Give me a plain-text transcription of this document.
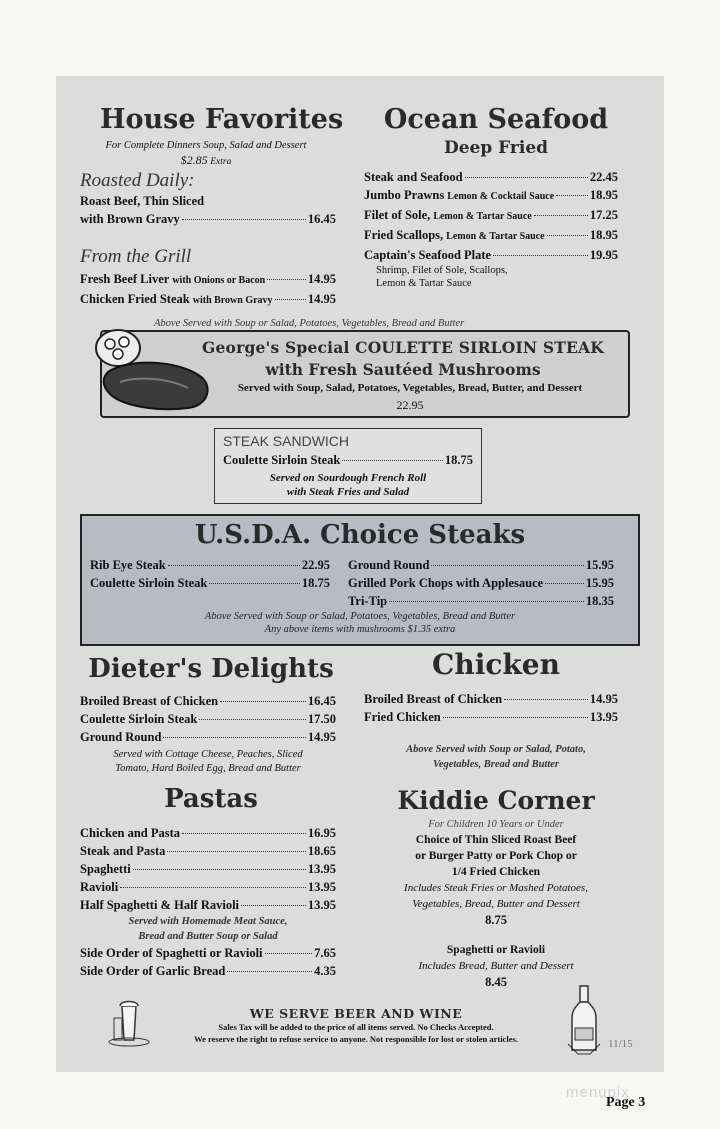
House Favorites
For Complete Dinners Soup, Salad and Dessert
$2.85 Extra
Roasted Daily:
Roast Beef, Thin Sliced
with Brown Gravy	16.45
From the Grill
Fresh Beef Liver with Onions or Bacon	14.95
Chicken Fried Steak with Brown Gravy	14.95
Ocean Seafood
Deep Fried
Steak and Seafood	22.45
Jumbo Prawns Lemon & Cocktail Sauce	18.95
Filet of Sole, Lemon & Tartar Sauce	17.25
Fried Scallops, Lemon & Tartar Sauce	18.95
Captain's Seafood Plate	19.95
Shrimp, Filet of Sole, Scallops,
Lemon & Tartar Sauce
Above Served with Soup or Salad, Potatoes, Vegetables, Bread and Butter
George's Special COULETTE SIRLOIN STEAK
with Fresh Sautéed Mushrooms
Served with Soup, Salad, Potatoes, Vegetables, Bread, Butter, and Dessert
22.95
STEAK SANDWICH
Coulette Sirloin Steak	18.75
Served on Sourdough French Roll
with Steak Fries and Salad
U.S.D.A. Choice Steaks
Rib Eye Steak	22.95
Coulette Sirloin Steak	18.75
Ground Round	15.95
Grilled Pork Chops with Applesauce	15.95
Tri-Tip	18.35
Above Served with Soup or Salad, Potatoes, Vegetables, Bread and Butter
Any above items with mushrooms $1.35 extra
Dieter's Delights
Broiled Breast of Chicken	16.45
Coulette Sirloin Steak	17.50
Ground Round	14.95
Served with Cottage Cheese, Peaches, Sliced
Tomato, Hard Boiled Egg, Bread and Butter
Chicken
Broiled Breast of Chicken	14.95
Fried Chicken	13.95
Above Served with Soup or Salad, Potato,
Vegetables, Bread and Butter
Pastas
Chicken and Pasta	16.95
Steak and Pasta	18.65
Spaghetti	13.95
Ravioli	13.95
Half Spaghetti & Half Ravioli	13.95
Served with Homemade Meat Sauce,
Bread and Butter Soup or Salad
Side Order of Spaghetti or Ravioli	7.65
Side Order of Garlic Bread	4.35
Kiddie Corner
For Children 10 Years or Under
Choice of Thin Sliced Roast Beef
or Burger Patty or Pork Chop or
1/4 Fried Chicken
Includes Steak Fries or Mashed Potatoes,
Vegetables, Bread, Butter and Dessert
8.75
Spaghetti or Ravioli
Includes Bread, Butter and Dessert
8.45
WE SERVE BEER AND WINE
Sales Tax will be added to the price of all items served. No Checks Accepted.
We reserve the right to refuse service to anyone. Not responsible for lost or stolen articles.	11/15
menupix
Page 3
